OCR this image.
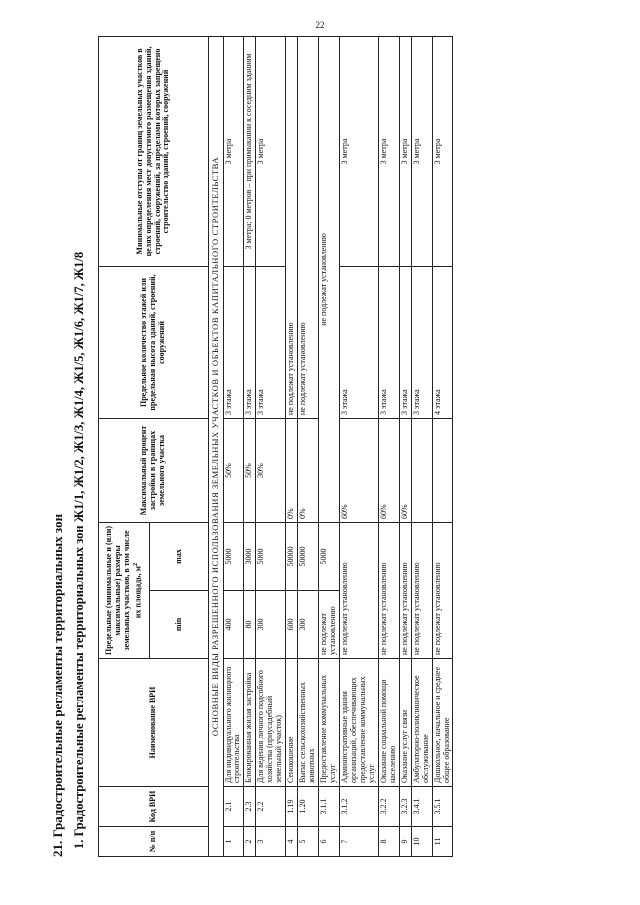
22
21. Градостроительные регламенты территориальных зон 1. Градостроительные регламенты территориальных зон Ж1/1, Ж1/2, Ж1/3, Ж1/4, Ж1/5, Ж1/6, Ж1/7, Ж1/8	№ п/п	Код ВРИ	Наименование ВРИ	Предельные (минимальные и (или) максимальные) размеры земельных участков, в том числе их площадь, $м^2$		Максимальный процент застройки в границах земельного участка	Предельное количество этажей или предельная высота зданий, строений, сооружений	Минимальные отступы от границ земельных участков в целях определения мест допустимого размещения зданий, строений, сооружений, за пределами которых запрещено строительство зданий, строений, сооружений
			min	max			
ОСНОВНЫЕ ВИДЫ РАЗРЕШЕННОГО ИСПОЛЬЗОВАНИЯ ЗЕМЕЛЬНЫХ УЧАСТКОВ И ОБЪЕКТОВ КАПИТАЛЬНОГО СТРОИТЕЛЬСТВА							
1	2.1	Для индивидуального жилищного строительства	400	5000	50%	3 этажа	3 метра
2	2.3	Блокированная жилая застройка	80	3000	50%	3 этажа	3 метра; 0 метров – при примыкании к соседним зданиям
3	2.2	Для ведения личного подсобного хозяйства (приусадебный земельный участок)	300	5000	30%	3 этажа	3 метра
4	1.19	Сенокошение	600	50000	0%	не подлежат установлению	
5	1.20	Выпас сельскохозяйственных животных	300	50000	0%	не подлежат установлению	
6	3.1.1	Предоставление коммунальных услуг	не подлежат установлению	5000	не подлежат установлению		
7	3.1.2	Административные здания организаций, обеспечивающих предоставление коммунальных услуг	не подлежат установлению		60%	3 этажа	3 метра
8	3.2.2	Оказание социальной помощи населению	не подлежат установлению		60%	3 этажа	3 метра
9	3.2.3	Оказание услуг связи	не подлежат установлению		60%	3 этажа	3 метра
10	3.4.1	Амбулаторно-поликлиническое обслуживание	не подлежат установлению			3 этажа	3 метра
11	3.5.1	Дошкольное, начальное и среднее общее образование	не подлежат установлению			4 этажа	3 метра
